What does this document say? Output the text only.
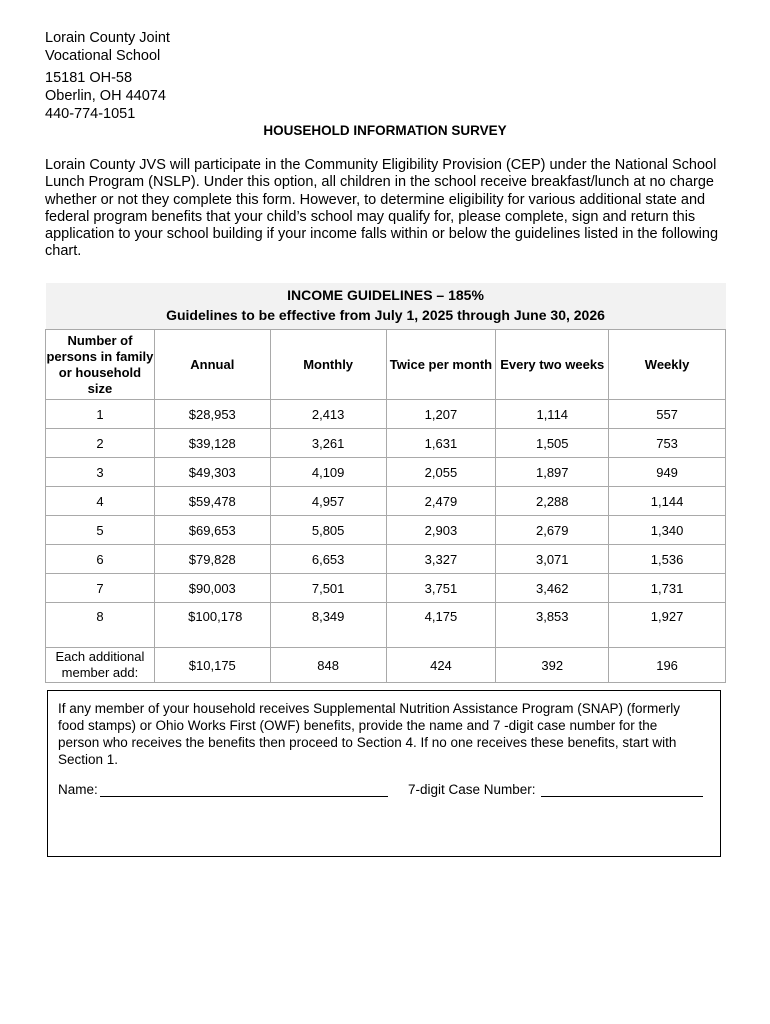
Lorain County Joint
Vocational School
15181 OH-58
Oberlin, OH 44074
440-774-1051
HOUSEHOLD INFORMATION SURVEY
Lorain County JVS will participate in the Community Eligibility Provision (CEP) under the National School Lunch Program (NSLP). Under this option, all children in the school receive breakfast/lunch at no charge whether or not they complete this form. However, to determine eligibility for various additional state and federal program benefits that your child’s school may qualify for, please complete, sign and return this application to your school building if your income falls within or below the guidelines listed in the following chart.
INCOME GUIDELINES – 185%
Guidelines to be effective from July 1, 2025 through June 30, 2026					

Number of persons in family or household size	Annual	Monthly	Twice per month	Every two weeks	Weekly
1	$28,953	2,413	1,207	1,114	557
2	$39,128	3,261	1,631	1,505	753
3	$49,303	4,109	2,055	1,897	949
4	$59,478	4,957	2,479	2,288	1,144
5	$69,653	5,805	2,903	2,679	1,340
6	$79,828	6,653	3,327	3,071	1,536
7	$90,003	7,501	3,751	3,462	1,731
8	$100,178	8,349	4,175	3,853	1,927
Each additional member add:	$10,175	848	424	392	196
If any member of your household receives Supplemental Nutrition Assistance Program (SNAP) (formerly food stamps) or Ohio Works First (OWF) benefits, provide the name and 7 -digit case number for the person who receives the benefits then proceed to Section 4. If no one receives these benefits, start with Section 1.
Name:	7-digit Case Number:
